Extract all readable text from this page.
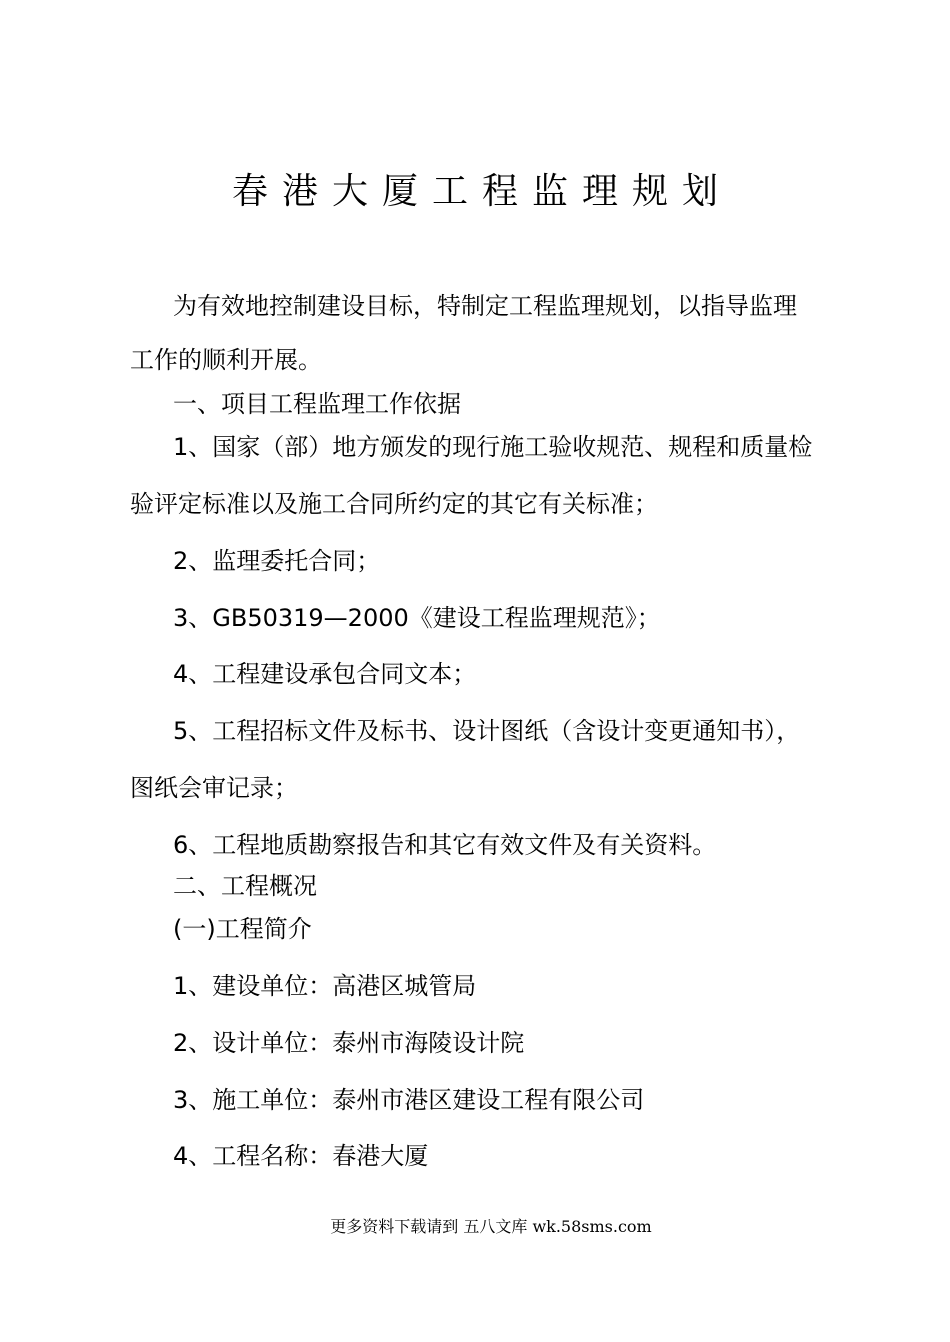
春港大厦工程监理规划
为有效地控制建设目标，特制定工程监理规划，以指导监理
工作的顺利开展。
一、项目工程监理工作依据
1、国家（部）地方颁发的现行施工验收规范、规程和质量检
验评定标准以及施工合同所约定的其它有关标准；
2、监理委托合同；
3、GB50319—2000《建设工程监理规范》；
4、工程建设承包合同文本；
5、工程招标文件及标书、设计图纸（含设计变更通知书），
图纸会审记录；
6、工程地质勘察报告和其它有效文件及有关资料。
二、工程概况
(一)工程简介
1、建设单位：高港区城管局
2、设计单位：泰州市海陵设计院
3、施工单位：泰州市港区建设工程有限公司
4、工程名称：春港大厦
更多资料下载请到 五八文库 wk.58sms.com
